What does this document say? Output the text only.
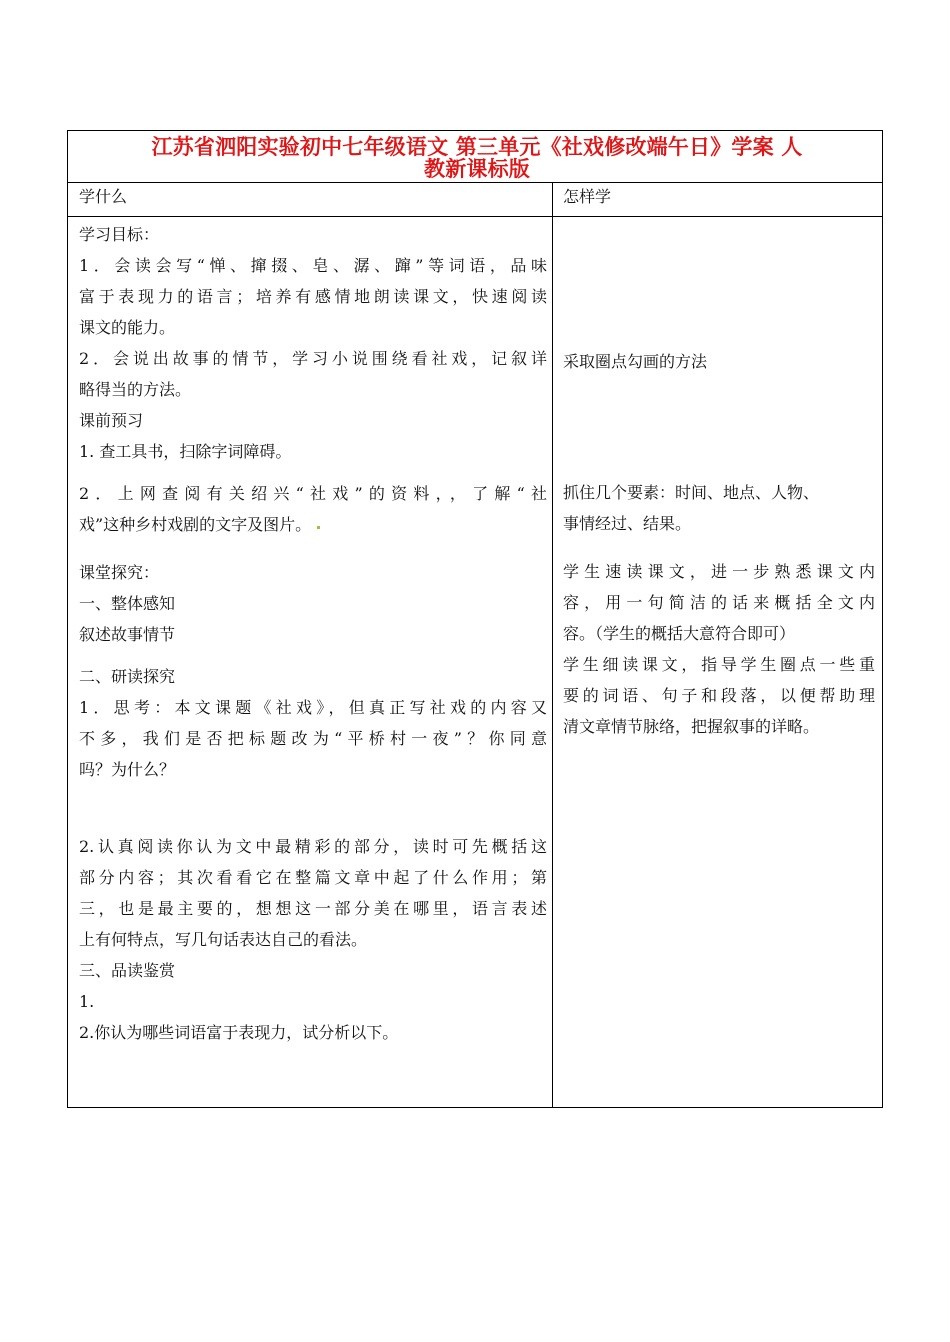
江苏省泗阳实验初中七年级语文 第三单元《社戏修改端午日》学案 人
教新课标版
学什么	怎样学
学习目标：
1．会读会写“惮、撺掇、皂、潺、蹿”等词语，品味
富于表现力的语言；培养有感情地朗读课文，快速阅读
课文的能力。
2．会说出故事的情节，学习小说围绕看社戏，记叙详
略得当的方法。
课前预习
1. 查工具书，扫除字词障碍。
2．上网查阅有关绍兴“社戏”的资料，，了解“社
戏”这种乡村戏剧的文字及图片。
课堂探究：
一、整体感知
叙述故事情节
二、研读探究
1．思考：本文课题《社戏》，但真正写社戏的内容又
不多，我们是否把标题改为“平桥村一夜”？你同意
吗？为什么？
2.认真阅读你认为文中最精彩的部分，读时可先概括这
部分内容；其次看看它在整篇文章中起了什么作用；第
三，也是最主要的，想想这一部分美在哪里，语言表述
上有何特点，写几句话表达自己的看法。
三、品读鉴赏
1.
2.你认为哪些词语富于表现力，试分析以下。
采取圈点勾画的方法
抓住几个要素：时间、地点、人物、
事情经过、结果。
学生速读课文，进一步熟悉课文内
容，用一句简洁的话来概括全文内
容。（学生的概括大意符合即可）
学生细读课文，指导学生圈点一些重
要的词语、句子和段落，以便帮助理
清文章情节脉络，把握叙事的详略。
